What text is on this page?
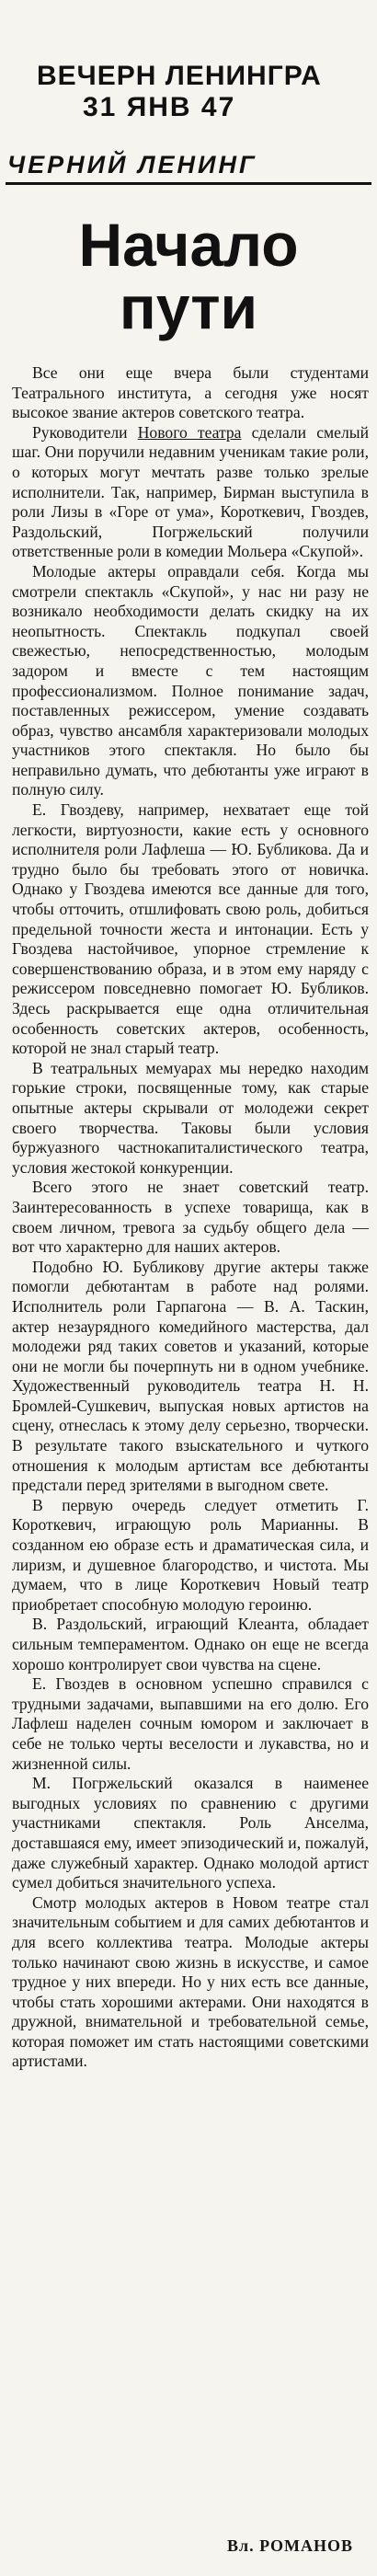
ВЕЧЕРН ЛЕНИНГРА
31 ЯНВ 47
ЧЕРНИЙ ЛЕНИНГ
Начало
пути

Все они еще вчера были студентами Театрального института, а сегодня уже носят высокое звание актеров советского театра.

Руководители Нового театра сделали смелый шаг. Они поручили недавним ученикам такие роли, о которых могут мечтать разве только зрелые исполнители. Так, например, Бирман выступила в роли Лизы в «Горе от ума», Короткевич, Гвоздев, Раздольский, Погржельский получили ответственные роли в комедии Мольера «Скупой».

Молодые актеры оправдали себя. Когда мы смотрели спектакль «Скупой», у нас ни разу не возникало необходимости делать скидку на их неопытность. Спектакль подкупал своей свежестью, непосредственностью, молодым задором и вместе с тем настоящим профессионализмом. Полное понимание задач, поставленных режиссером, умение создавать образ, чувство ансамбля характеризовали молодых участников этого спектакля. Но было бы неправильно думать, что дебютанты уже играют в полную силу.

Е. Гвоздеву, например, нехватает еще той легкости, виртуозности, какие есть у основного исполнителя роли Лафлеша — Ю. Бубликова. Да и трудно было бы требовать этого от новичка. Однако у Гвоздева имеются все данные для того, чтобы отточить, отшлифовать свою роль, добиться предельной точности жеста и интонации. Есть у Гвоздева настойчивое, упорное стремление к совершенствованию образа, и в этом ему наряду с режиссером повседневно помогает Ю. Бубликов. Здесь раскрывается еще одна отличительная особенность советских актеров, особенность, которой не знал старый театр.

В театральных мемуарах мы нередко находим горькие строки, посвященные тому, как старые опытные актеры скрывали от молодежи секрет своего творчества. Таковы были условия буржуазного частнокапиталистического театра, условия жестокой конкуренции.

Всего этого не знает советский театр. Заинтересованность в успехе товарища, как в своем личном, тревога за судьбу общего дела — вот что характерно для наших актеров.

Подобно Ю. Бубликову другие актеры также помогли дебютантам в работе над ролями. Исполнитель роли Гарпагона — В. А. Таскин, актер незаурядного комедийного мастерства, дал молодежи ряд таких советов и указаний, которые они не могли бы почерпнуть ни в одном учебнике. Художественный руководитель театра Н. Н. Бромлей-Сушкевич, выпуская новых артистов на сцену, отнеслась к этому делу серьезно, творчески. В результате такого взыскательного и чуткого отношения к молодым артистам все дебютанты предстали перед зрителями в выгодном свете.

В первую очередь следует отметить Г. Короткевич, играющую роль Марианны. В созданном ею образе есть и драматическая сила, и лиризм, и душевное благородство, и чистота. Мы думаем, что в лице Короткевич Новый театр приобретает способную молодую героиню.

В. Раздольский, играющий Клеанта, обладает сильным темпераментом. Однако он еще не всегда хорошо контролирует свои чувства на сцене.

Е. Гвоздев в основном успешно справился с трудными задачами, выпавшими на его долю. Его Лафлеш наделен сочным юмором и заключает в себе не только черты веселости и лукавства, но и жизненной силы.

М. Погржельский оказался в наименее выгодных условиях по сравнению с другими участниками спектакля. Роль Анселма, доставшаяся ему, имеет эпизодический и, пожалуй, даже служебный характер. Однако молодой артист сумел добиться значительного успеха.

Смотр молодых актеров в Новом театре стал значительным событием и для самих дебютантов и для всего коллектива театра. Молодые актеры только начинают свою жизнь в искусстве, и самое трудное у них впереди. Но у них есть все данные, чтобы стать хорошими актерами. Они находятся в дружной, внимательной и требовательной семье, которая поможет им стать настоящими советскими артистами.

Вл. РОМАНОВ
